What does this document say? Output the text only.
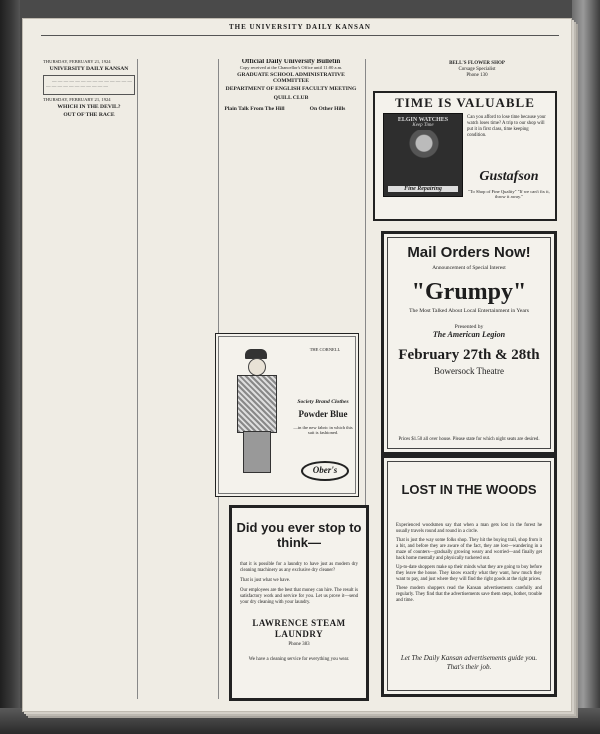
THE UNIVERSITY DAILY KANSAN
THURSDAY, FEBRUARY 21, 1924
UNIVERSITY DAILY KANSAN

— — — — — — — — — — — — — — — — — — — — — — — — —

THURSDAY, FEBRUARY 21, 1924
WHICH IN THE DEVIL?
OUT OF THE RACE
Official Daily University Bulletin
Copy received at the Chancellor's Office until 11:00 a.m.
GRADUATE SCHOOL ADMINISTRATIVE COMMITTEE
DEPARTMENT OF ENGLISH FACULTY MEETING
QUILL CLUB
Plain Talk From The Hill	On Other Hills
BELL'S FLOWER SHOP
Corsage Specialist
Phone 130
TIME IS VALUABLE
ELGIN WATCHES
Keep Time
Fine Repairing
Can you afford to lose time because your watch loses time? A trip to our shop will put it in first class, time keeping condition.
Gustafson
"To Shop of Fine Quality" "If we can't fix it, throw it away."
Mail Orders Now!
Announcement of Special Interest
"Grumpy"
The Most Talked About Local Entertainment in Years
Presented by
The American Legion
February 27th & 28th
Bowersock Theatre
Prices $1.50 all over house. Please state for which night seats are desired.
LOST IN THE WOODS

Experienced woodsmen say that when a man gets lost in the forest he usually travels round and round in a circle.

That is just the way some folks shop. They hit the buying trail, shop from it a bit, and before they are aware of the fact, they are lost—wandering in a maze of counters—gradually growing weary and worried—and finally get back home mentally and physically tuckered out.

Up-to-date shoppers make up their minds what they are going to buy before they leave the house. They know exactly what they want, how much they want to pay, and just where they will find the right goods at the right prices.

These modern shoppers read the Kansan advertisements carefully and regularly. They find that the advertisements save them steps, bother, trouble and time.

Let The Daily Kansan advertisements guide you. That's their job.
THE CORNELL
Society Brand Clothes
Powder Blue
—in the new fabric in which this suit is fashioned.
Ober's
Did you ever stop to think—

that it is possible for a laundry to have just as modern dry cleaning machinery as any exclusive dry cleaner?

That is just what we have.

Our employees are the best that money can hire. The result is satisfactory work and service for you. Let us prove it—send your dry cleaning with your laundry.

LAWRENCE STEAM LAUNDRY
Phone 383
We have a cleaning service for everything you wear.
